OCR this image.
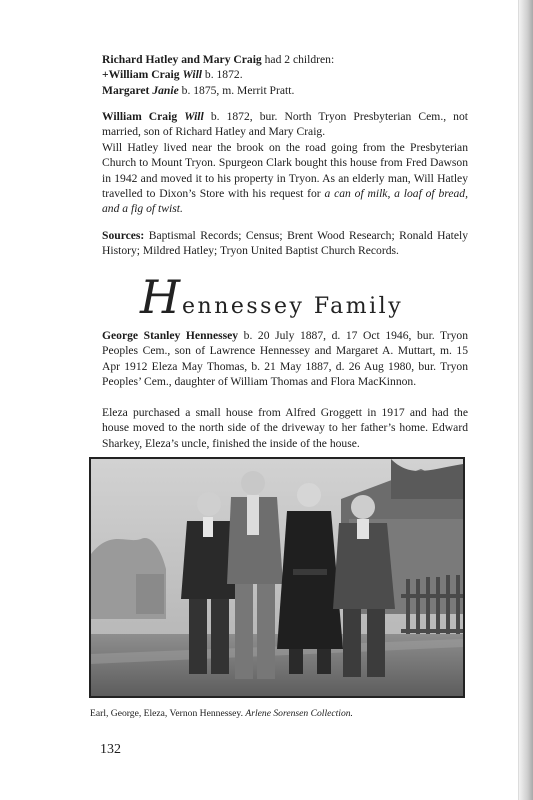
Richard Hatley and Mary Craig had 2 children:
+William Craig Will b. 1872.
Margaret Janie b. 1875, m. Merrit Pratt.

William Craig Will b. 1872, bur. North Tryon Presbyterian Cem., not married, son of Richard Hatley and Mary Craig.

Will Hatley lived near the brook on the road going from the Presbyterian Church to Mount Tryon. Spurgeon Clark bought this house from Fred Dawson in 1942 and moved it to his property in Tryon. As an elderly man, Will Hatley travelled to Dixon’s Store with his request for a can of milk, a loaf of bread, and a fig of twist.

Sources: Baptismal Records; Census; Brent Wood Research; Ronald Hately History; Mildred Hatley; Tryon United Baptist Church Records.

H ennessey Family

George Stanley Hennessey b. 20 July 1887, d. 17 Oct 1946, bur. Tryon Peoples Cem., son of Lawrence Hennessey and Margaret A. Muttart, m. 15 Apr 1912 Eleza May Thomas, b. 21 May 1887, d. 26 Aug 1980, bur. Tryon Peoples’ Cem., daughter of William Thomas and Flora MacKinnon.

Eleza purchased a small house from Alfred Groggett in 1917 and had the house moved to the north side of the driveway to her father’s home. Edward Sharkey, Eleza’s uncle, finished the inside of the house.

Earl, George, Eleza, Vernon Hennessey. Arlene Sorensen Collection.

132
